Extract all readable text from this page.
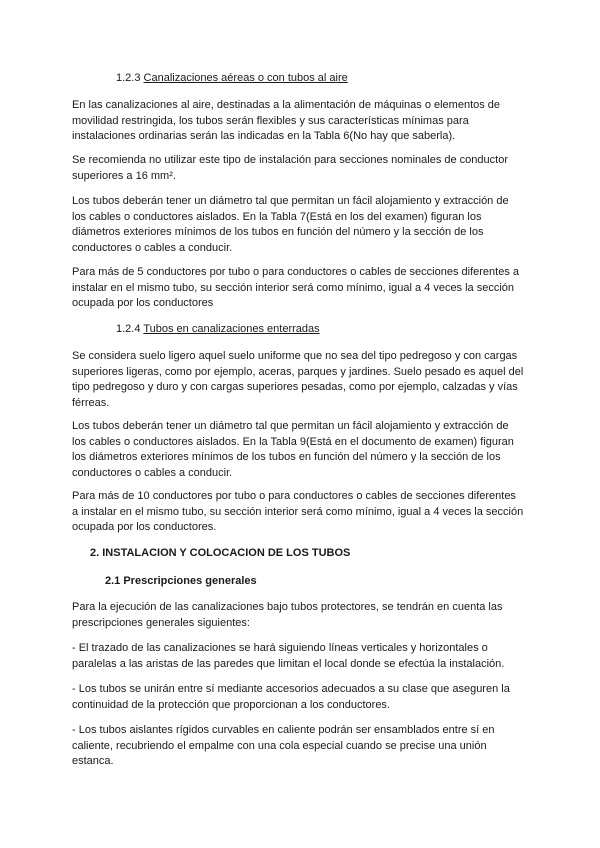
1.2.3 Canalizaciones aéreas o con tubos al aire
En las canalizaciones al aire, destinadas a la alimentación de máquinas o elementos de
movilidad restringida, los tubos serán flexibles y sus características mínimas para
instalaciones ordinarias serán las indicadas en la Tabla 6(No hay que saberla).
Se recomienda no utilizar este tipo de instalación para secciones nominales de conductor
superiores a 16 mm².
Los tubos deberán tener un diámetro tal que permitan un fácil alojamiento y extracción de
los cables o conductores aislados. En la Tabla 7(Está en los del examen) figuran los
diámetros exteriores mínimos de los tubos en función del número y la sección de los
conductores o cables a conducir.
Para más de 5 conductores por tubo o para conductores o cables de secciones diferentes a
instalar en el mismo tubo, su sección interior será como mínimo, igual a 4 veces la sección
ocupada por los conductores
1.2.4 Tubos en canalizaciones enterradas
Se considera suelo ligero aquel suelo uniforme que no sea del tipo pedregoso y con cargas
superiores ligeras, como por ejemplo, aceras, parques y jardines. Suelo pesado es aquel del
tipo pedregoso y duro y con cargas superiores pesadas, como por ejemplo, calzadas y vías
férreas.
Los tubos deberán tener un diámetro tal que permitan un fácil alojamiento y extracción de
los cables o conductores aislados. En la Tabla 9(Está en el documento de examen) figuran
los diámetros exteriores mínimos de los tubos en función del número y la sección de los
conductores o cables a conducir.
Para más de 10 conductores por tubo o para conductores o cables de secciones diferentes
a instalar en el mismo tubo, su sección interior será como mínimo, igual a 4 veces la sección
ocupada por los conductores.
2. INSTALACION Y COLOCACION DE LOS TUBOS
2.1 Prescripciones generales
Para la ejecución de las canalizaciones bajo tubos protectores, se tendrán en cuenta las
prescripciones generales siguientes:
- El trazado de las canalizaciones se hará siguiendo líneas verticales y horizontales o
paralelas a las aristas de las paredes que limitan el local donde se efectúa la instalación.
- Los tubos se unirán entre sí mediante accesorios adecuados a su clase que aseguren la
continuidad de la protección que proporcionan a los conductores.
- Los tubos aislantes rígidos curvables en caliente podrán ser ensamblados entre sí en
caliente, recubriendo el empalme con una cola especial cuando se precise una unión
estanca.
